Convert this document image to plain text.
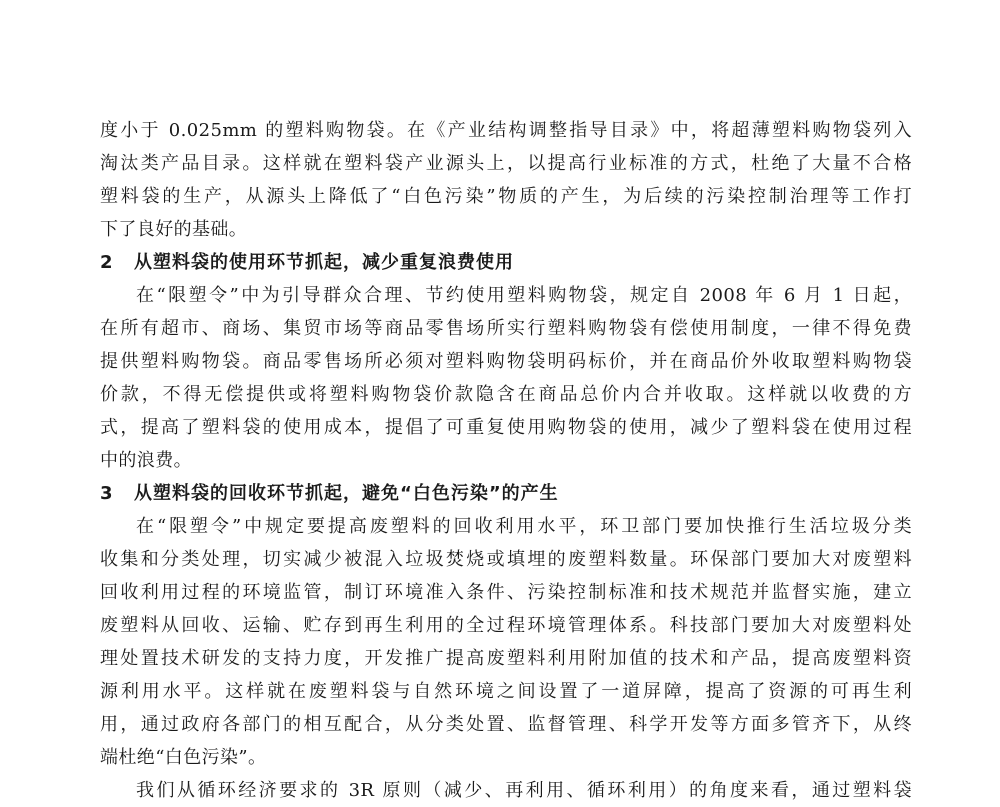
度小于 0.025mm 的塑料购物袋。在《产业结构调整指导目录》中，将超薄塑料购物袋列入
淘汰类产品目录。这样就在塑料袋产业源头上，以提高行业标准的方式，杜绝了大量不合格
塑料袋的生产，从源头上降低了“白色污染”物质的产生，为后续的污染控制治理等工作打
下了良好的基础。
2 从塑料袋的使用环节抓起，减少重复浪费使用
在“限塑令”中为引导群众合理、节约使用塑料购物袋，规定自 2008 年 6 月 1 日起，
在所有超市、商场、集贸市场等商品零售场所实行塑料购物袋有偿使用制度，一律不得免费
提供塑料购物袋。商品零售场所必须对塑料购物袋明码标价，并在商品价外收取塑料购物袋
价款，不得无偿提供或将塑料购物袋价款隐含在商品总价内合并收取。这样就以收费的方
式，提高了塑料袋的使用成本，提倡了可重复使用购物袋的使用，减少了塑料袋在使用过程
中的浪费。
3 从塑料袋的回收环节抓起，避免“白色污染”的产生
在“限塑令”中规定要提高废塑料的回收利用水平，环卫部门要加快推行生活垃圾分类
收集和分类处理，切实减少被混入垃圾焚烧或填埋的废塑料数量。环保部门要加大对废塑料
回收利用过程的环境监管，制订环境准入条件、污染控制标准和技术规范并监督实施，建立
废塑料从回收、运输、贮存到再生利用的全过程环境管理体系。科技部门要加大对废塑料处
理处置技术研发的支持力度，开发推广提高废塑料利用附加值的技术和产品，提高废塑料资
源利用水平。这样就在废塑料袋与自然环境之间设置了一道屏障，提高了资源的可再生利
用，通过政府各部门的相互配合，从分类处置、监督管理、科学开发等方面多管齐下，从终
端杜绝“白色污染”。
我们从循环经济要求的 3R 原则（减少、再利用、循环利用）的角度来看，通过塑料袋
